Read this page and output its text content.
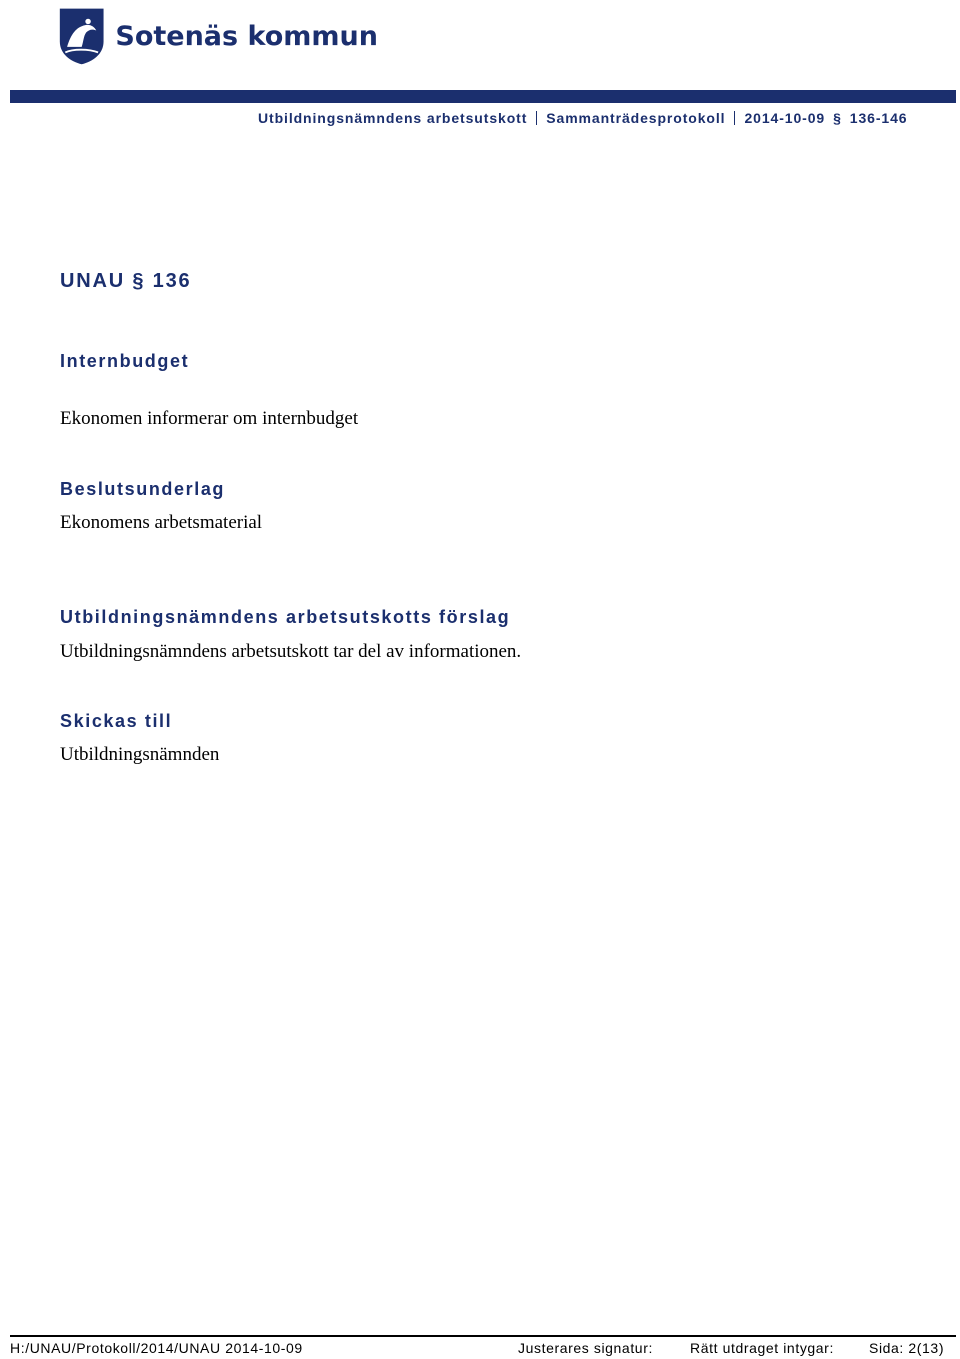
Sotenäs kommun
Utbildningsnämndens arbetsutskott Sammanträdesprotokoll 2014-10-09 § 136-146

UNAU § 136

Internbudget

Ekonomen informerar om internbudget

Beslutsunderlag

Ekonomens arbetsmaterial

Utbildningsnämndens arbetsutskotts förslag

Utbildningsnämndens arbetsutskott tar del av informationen.

Skickas till

Utbildningsnämnden

H:/UNAU/Protokoll/2014/UNAU 2014-10-09	Justerares signatur:	Rätt utdraget intygar:	Sida: 2(13)
